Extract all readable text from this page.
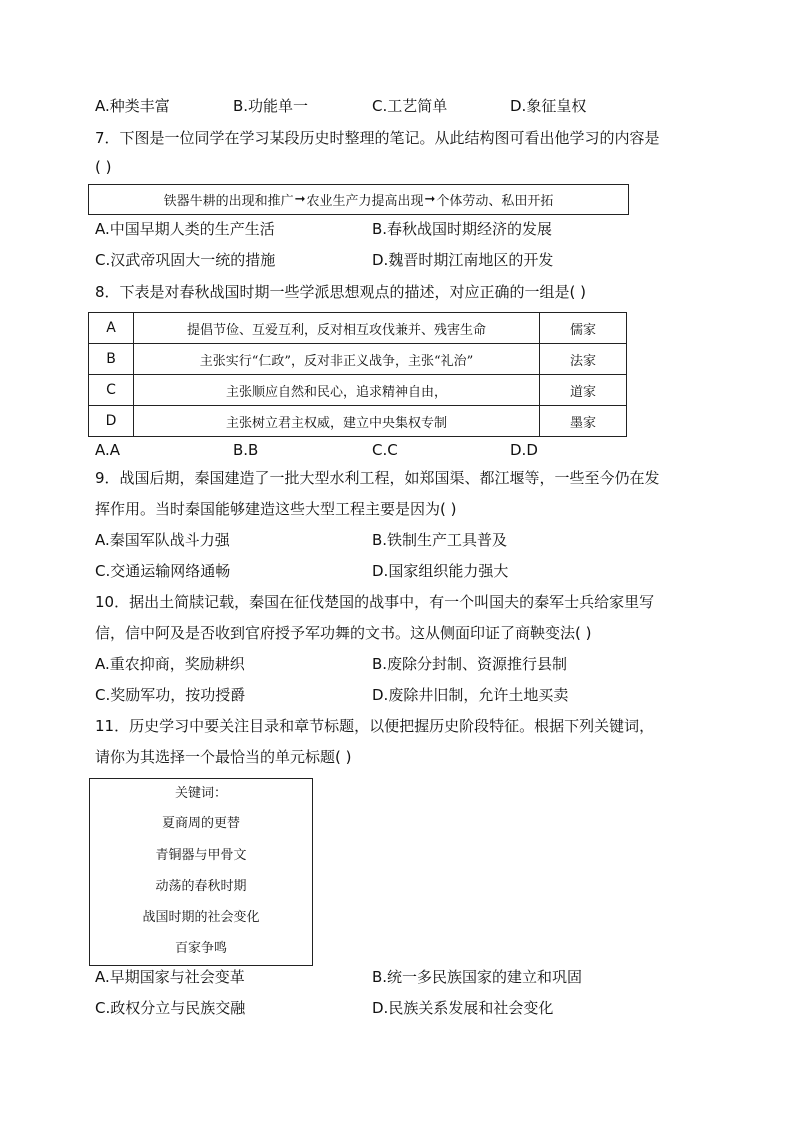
A.种类丰富	B.功能单一	C.工艺简单	D.象征皇权
7．下图是一位同学在学习某段历史时整理的笔记。从此结构图可看出他学习的内容是
( )
铁器牛耕的出现和推广 ➞ 农业生产力提高出现 ➞ 个体劳动、私田开拓
A.中国早期人类的生产生活	B.春秋战国时期经济的发展
C.汉武帝巩固大一统的措施	D.魏晋时期江南地区的开发
8．下表是对春秋战国时期一些学派思想观点的描述，对应正确的一组是( )
A	提倡节俭、互爱互利，反对相互攻伐兼并、残害生命	儒家
B	主张实行“仁政”，反对非正义战争，主张“礼治”	法家
C	主张顺应自然和民心，追求精神自由，	道家
D	主张树立君主权威，建立中央集权专制	墨家
A.A	B.B	C.C	D.D
9．战国后期，秦国建造了一批大型水利工程，如郑国渠、都江堰等，一些至今仍在发
挥作用。当时秦国能够建造这些大型工程主要是因为( )
A.秦国军队战斗力强	B.铁制生产工具普及
C.交通运输网络通畅	D.国家组织能力强大
10．据出土简牍记载，秦国在征伐楚国的战事中，有一个叫国夫的秦军士兵给家里写
信，信中阿及是否收到官府授予军功舞的文书。这从侧面印证了商鞅变法( )
A.重农抑商，奖励耕织	B.废除分封制、资源推行县制
C.奖励军功，按功授爵	D.废除井旧制，允许土地买卖
11．历史学习中要关注目录和章节标题，以便把握历史阶段特征。根据下列关键词，
请你为其选择一个最恰当的单元标题( )
关键词：
夏商周的更替
青铜器与甲骨文
动荡的春秋时期
战国时期的社会变化
百家争鸣
A.早期国家与社会变革	B.统一多民族国家的建立和巩固
C.政权分立与民族交融	D.民族关系发展和社会变化
